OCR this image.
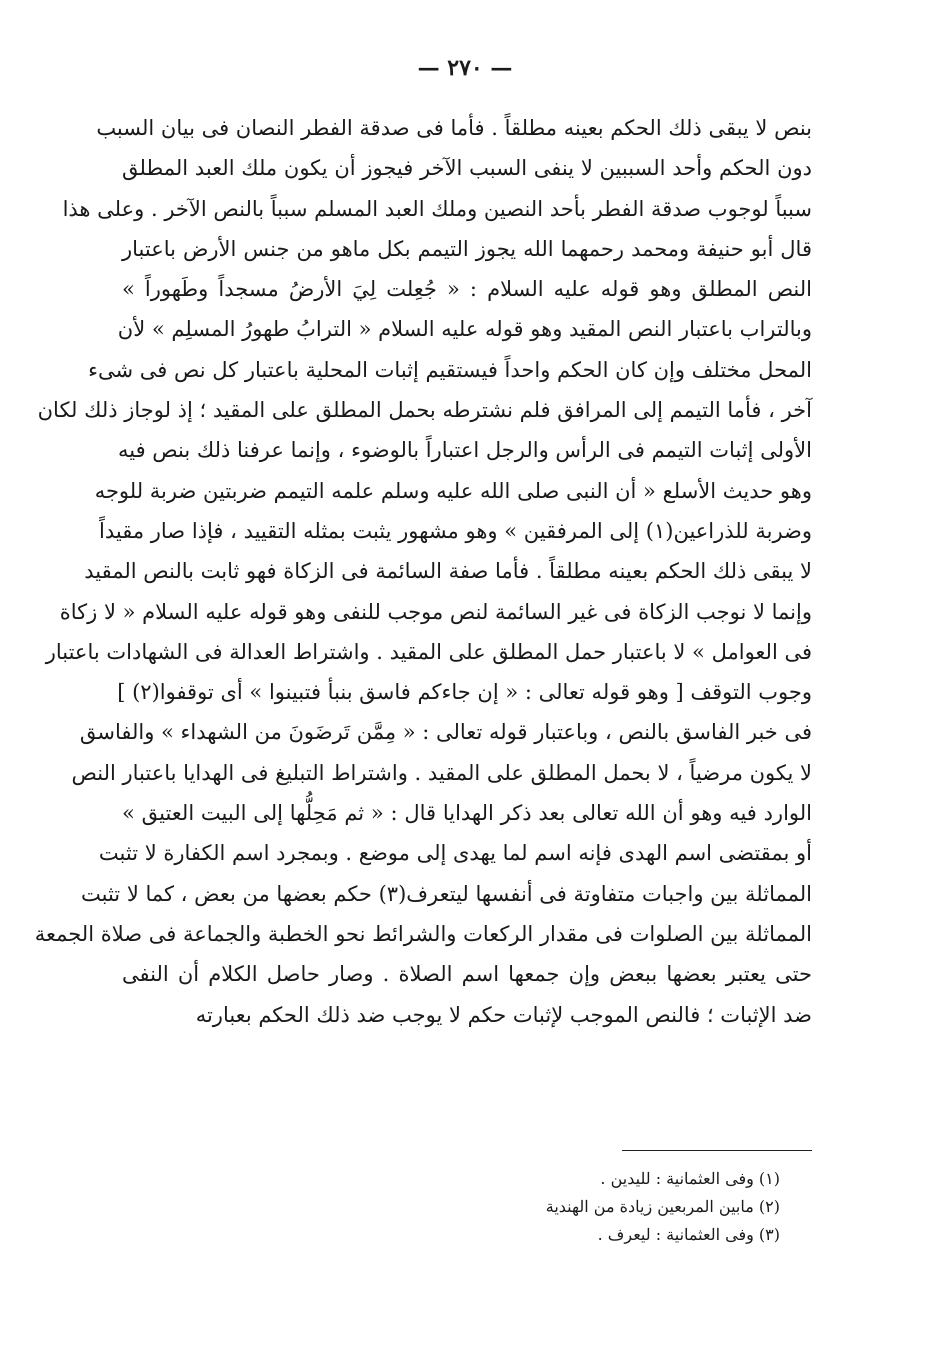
— ٢٧٠ —
بنص لا يبقى ذلك الحكم بعينه مطلقاً . فأما فى صدقة الفطر النصان فى بيان السبب
دون الحكم وأحد السببين لا ينفى السبب الآخر فيجوز أن يكون ملك العبد المطلق
سبباً لوجوب صدقة الفطر بأحد النصين وملك العبد المسلم سبباً بالنص الآخر . وعلى هذا
قال أبو حنيفة ومحمد رحمهما الله يجوز التيمم بكل ماهو من جنس الأرض باعتبار
النص المطلق وهو قوله عليه السلام : « جُعِلت لِيَ الأرضُ مسجداً وطَهوراً »
وبالتراب باعتبار النص المقيد وهو قوله عليه السلام « الترابُ طهورُ المسلِم » لأن
المحل مختلف وإن كان الحكم واحداً فيستقيم إثبات المحلية باعتبار كل نص فى شىء
آخر ، فأما التيمم إلى المرافق فلم نشترطه بحمل المطلق على المقيد ؛ إذ لوجاز ذلك لكان
الأولى إثبات التيمم فى الرأس والرجل اعتباراً بالوضوء ، وإنما عرفنا ذلك بنص فيه
وهو حديث الأسلع « أن النبى صلى الله عليه وسلم علمه التيمم ضربتين ضربة للوجه
وضربة للذراعين(١) إلى المرفقين » وهو مشهور يثبت بمثله التقييد ، فإذا صار مقيداً
لا يبقى ذلك الحكم بعينه مطلقاً . فأما صفة السائمة فى الزكاة فهو ثابت بالنص المقيد
وإنما لا نوجب الزكاة فى غير السائمة لنص موجب للنفى وهو قوله عليه السلام « لا زكاة
فى العوامل » لا باعتبار حمل المطلق على المقيد . واشتراط العدالة فى الشهادات باعتبار
وجوب التوقف [ وهو قوله تعالى : « إن جاءكم فاسق بنبأ فتبينوا » أى توقفوا(٢) ]
فى خبر الفاسق بالنص ، وباعتبار قوله تعالى : « مِمَّن تَرضَونَ من الشهداء » والفاسق
لا يكون مرضياً ، لا بحمل المطلق على المقيد . واشتراط التبليغ فى الهدايا باعتبار النص
الوارد فيه وهو أن الله تعالى بعد ذكر الهدايا قال : « ثم مَحِلُّها إلى البيت العتيق »
أو بمقتضى اسم الهدى فإنه اسم لما يهدى إلى موضع . وبمجرد اسم الكفارة لا تثبت
المماثلة بين واجبات متفاوتة فى أنفسها ليتعرف(٣) حكم بعضها من بعض ، كما لا تثبت
المماثلة بين الصلوات فى مقدار الركعات والشرائط نحو الخطبة والجماعة فى صلاة الجمعة
حتى يعتبر بعضها ببعض وإن جمعها اسم الصلاة . وصار حاصل الكلام أن النفى
ضد الإثبات ؛ فالنص الموجب لإثبات حكم لا يوجب ضد ذلك الحكم بعبارته
(١) وفى العثمانية : لليدين .
(٢) مابين المربعين زيادة من الهندية
(٣) وفى العثمانية : ليعرف .
